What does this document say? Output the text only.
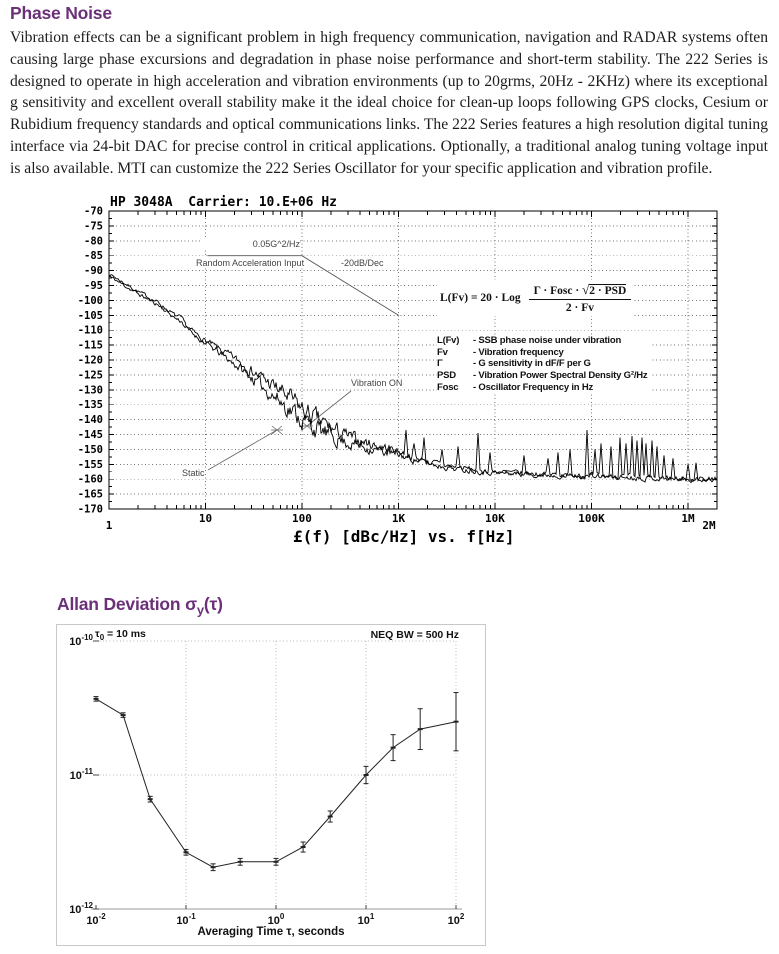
Phase Noise
Vibration effects can be a significant problem in high frequency communication, navigation and RADAR systems often causing large phase excursions and degradation in phase noise performance and short-term stability. The 222 Series is designed to operate in high acceleration and vibration environments (up to 20grms, 20Hz - 2KHz) where its exceptional g sensitivity and excellent overall stability make it the ideal choice for clean-up loops following GPS clocks, Cesium or Rubidium frequency standards and optical communications links. The 222 Series features a high resolution digital tuning interface via 24-bit DAC for precise control in critical applications. Optionally, a traditional analog tuning voltage input is also available. MTI can customize the 222 Series Oscillator for your specific application and vibration profile.
-70
-75
-80
-85
-90
-95
-100
-105
-110
-115
-120
-125
-130
-135
-140
-145
-150
-155
-160
-165
-170
1
10	100	1K	10K	100K	1M
2M
HP 3048A  Carrier: 10.E+06 Hz
0.05G^2/Hz
Random Acceleration Input	-20dB/Dec
Vibration ON
Static
L(Fv) = 20 · Log $\frac{\text{Γ · Fosc · √2 · PSD}}{2 \cdot Fv}$
L(Fv) - SSB phase noise under vibration
Fv	- Vibration frequency
Γ	- G sensitivity in dF/F per G
PSD - Vibration Power Spectral Density G²/Hz
Fosc - Oscillator Frequency in Hz
£(f) [dBc/Hz] vs. f[Hz]
Allan Deviation $\sigma_y(\tau)$
$10^{-10}$
$10^{-11}$
$10^{-12}$
$10^{-2}$	$10^{-1}$	$10^0$	$10^1$	$10^2$
$\tau_0 = 10$ ms	NEQ BW = 500 Hz
Averaging Time τ, seconds
